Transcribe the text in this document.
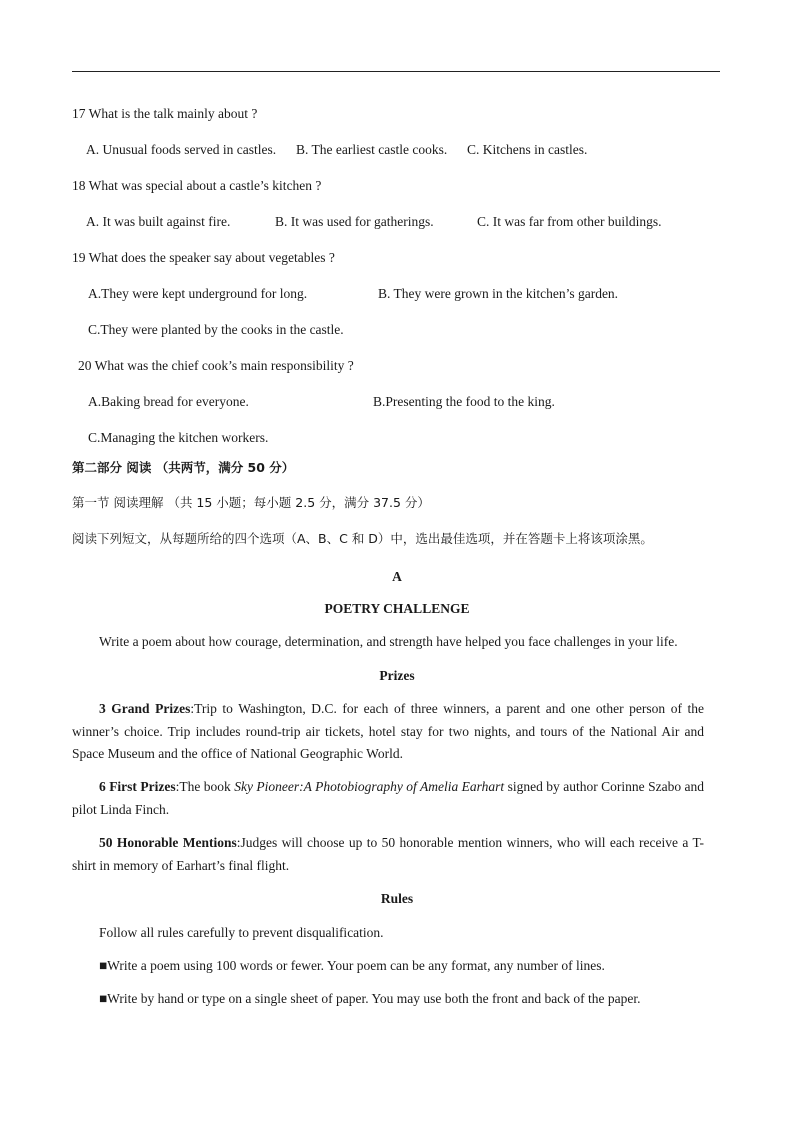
17 What is the talk mainly about ?
A. Unusual foods served in castles. B. The earliest castle cooks. C. Kitchens in castles.
18 What was special about a castle’s kitchen ?
A. It was built against fire.	B. It was used for gatherings.	C. It was far from other buildings.
19 What does the speaker say about vegetables ?
A.They were kept underground for long.	B. They were grown in the kitchen’s garden.
C.They were planted by the cooks in the castle.
20 What was the chief cook’s main responsibility ?
A.Baking bread for everyone.	B.Presenting the food to the king.
C.Managing the kitchen workers.
第二部分 阅读 （共两节，满分 50 分）
第一节 阅读理解 （共 15 小题；每小题 2.5 分，满分 37.5 分）
阅读下列短文，从每题所给的四个选项（A、B、C 和 D）中，选出最佳选项，并在答题卡上将该项涂黑。
A
POETRY CHALLENGE
Write a poem about how courage, determination, and strength have helped you face challenges in your life.
Prizes
3 Grand Prizes:Trip to Washington, D.C. for each of three winners, a parent and one other person of the winner’s choice. Trip includes round-trip air tickets, hotel stay for two nights, and tours of the National Air and Space Museum and the office of National Geographic World.
6 First Prizes:The book Sky Pioneer:A Photobiography of Amelia Earhart signed by author Corinne Szabo and pilot Linda Finch.
50 Honorable Mentions:Judges will choose up to 50 honorable mention winners, who will each receive a T-shirt in memory of Earhart’s final flight.
Rules
Follow all rules carefully to prevent disqualification.
■Write a poem using 100 words or fewer. Your poem can be any format, any number of lines.
■Write by hand or type on a single sheet of paper. You may use both the front and back of the paper.
